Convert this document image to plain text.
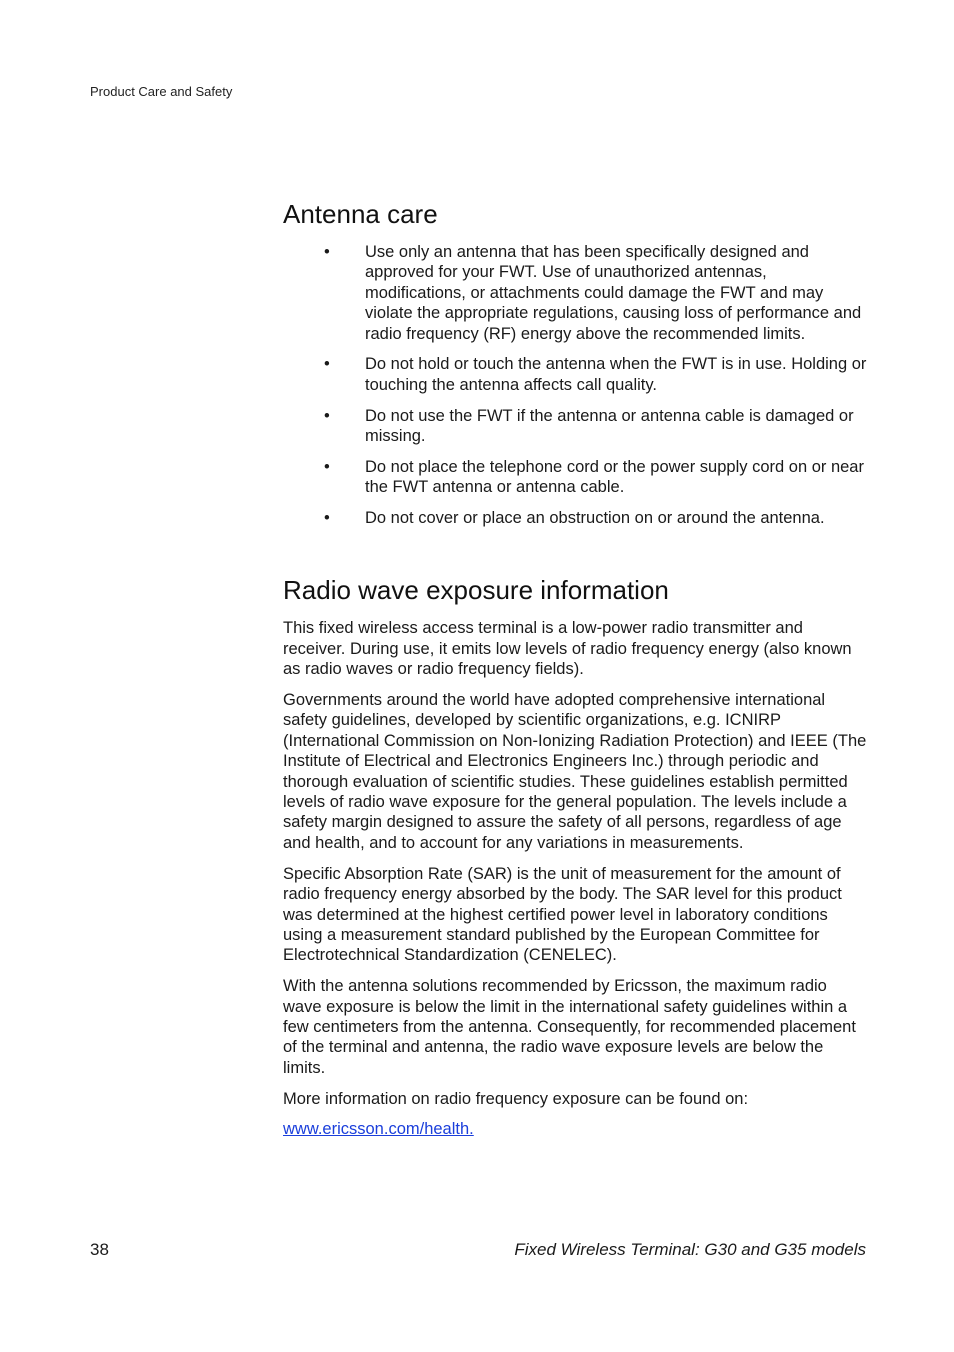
Product Care and Safety
Antenna care
• Use only an antenna that has been specifically designed and approved for your FWT. Use of unauthorized antennas, modifications, or attachments could damage the FWT and may violate the appropriate regulations, causing loss of performance and radio frequency (RF) energy above the recommended limits.
• Do not hold or touch the antenna when the FWT is in use. Holding or touching the antenna affects call quality.
• Do not use the FWT if the antenna or antenna cable is damaged or missing.
• Do not place the telephone cord or the power supply cord on or near the FWT antenna or antenna cable.
• Do not cover or place an obstruction on or around the antenna.
Radio wave exposure information

This fixed wireless access terminal is a low-power radio transmitter and receiver. During use, it emits low levels of radio frequency energy (also known as radio waves or radio frequency fields).

Governments around the world have adopted comprehensive international safety guidelines, developed by scientific organizations, e.g. ICNIRP (International Commission on Non-Ionizing Radiation Protection) and IEEE (The Institute of Electrical and Electronics Engineers Inc.) through periodic and thorough evaluation of scientific studies. These guidelines establish permitted levels of radio wave exposure for the general population. The levels include a safety margin designed to assure the safety of all persons, regardless of age and health, and to account for any variations in measurements.

Specific Absorption Rate (SAR) is the unit of measurement for the amount of radio frequency energy absorbed by the body. The SAR level for this product was determined at the highest certified power level in laboratory conditions using a measurement standard published by the European Committee for Electrotechnical Standardization (CENELEC).

With the antenna solutions recommended by Ericsson, the maximum radio wave exposure is below the limit in the international safety guidelines within a few centimeters from the antenna. Consequently, for recommended placement of the terminal and antenna, the radio wave exposure levels are below the limits.

More information on radio frequency exposure can be found on:

www.ericsson.com/health.
38	Fixed Wireless Terminal: G30 and G35 models
